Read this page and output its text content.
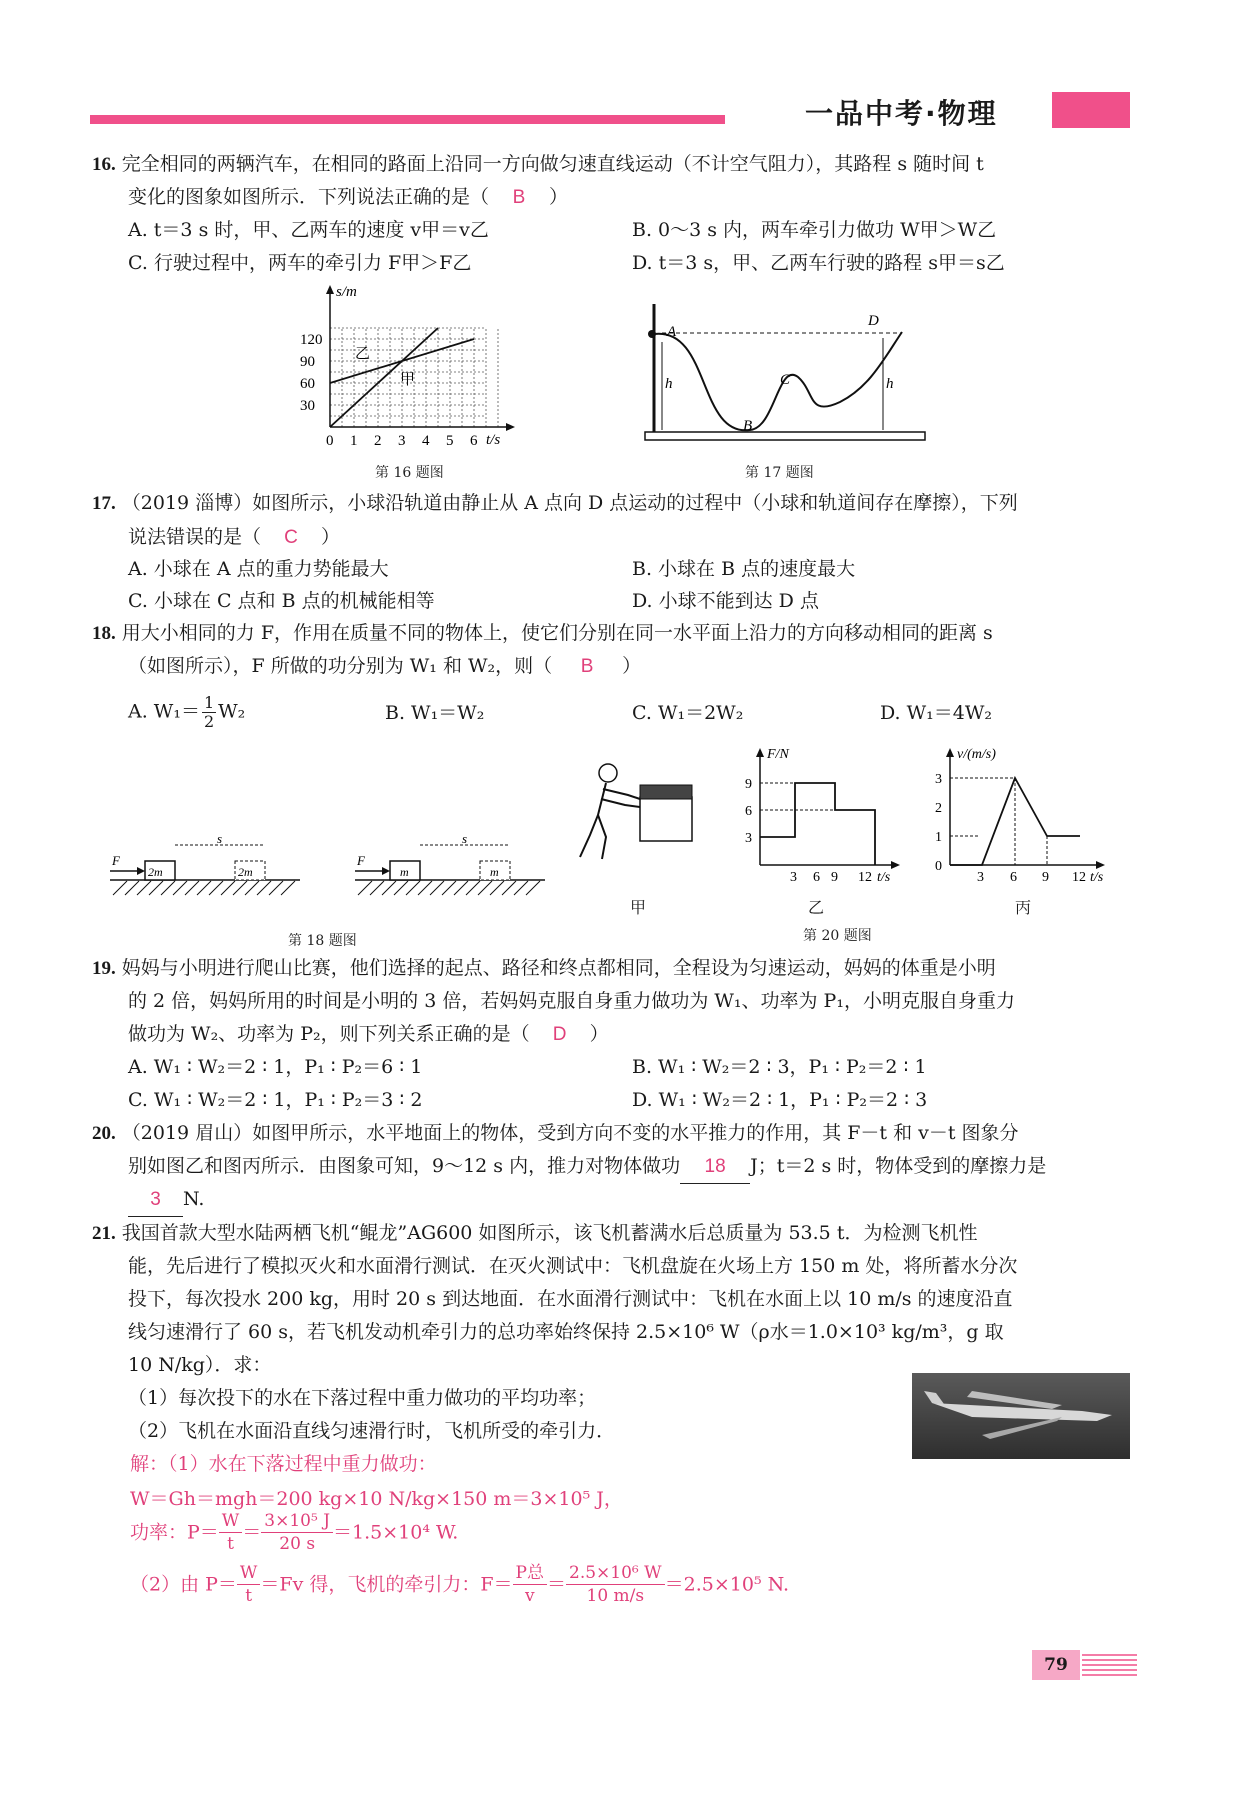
一品中考·物理
16. 完全相同的两辆汽车，在相同的路面上沿同一方向做匀速直线运动（不计空气阻力），其路程 s 随时间 t
变化的图象如图所示．下列说法正确的是（ B ）
A. t＝3 s 时，甲、乙两车的速度 v甲＝v乙	B. 0～3 s 内，两车牵引力做功 W甲＞W乙
C. 行驶过程中，两车的牵引力 F甲＞F乙	D. t＝3 s，甲、乙两车行驶的路程 s甲＝s乙
120
90
60
30
0 1 2 3 4 5 6
s/m
t/s
乙
甲
第 16 题图
A
B
C
D
h	h
第 17 题图
17. （2019 淄博）如图所示，小球沿轨道由静止从 A 点向 D 点运动的过程中（小球和轨道间存在摩擦），下列
说法错误的是（ C ）
A. 小球在 A 点的重力势能最大	B. 小球在 B 点的速度最大
C. 小球在 C 点和 B 点的机械能相等	D. 小球不能到达 D 点
18. 用大小相同的力 F，作用在质量不同的物体上，使它们分别在同一水平面上沿力的方向移动相同的距离 s
（如图所示），F 所做的功分别为 W₁ 和 W₂，则（ B ）
A. $W_1= \frac{1}{2} W_2$	B. W₁＝W₂	C. W₁＝2W₂	D. W₁＝4W₂
F
2m	2m
s
F
m	m
s
第 18 题图
甲
F/N
9
6
3
3 6 9 12 t/s
乙
v/(m/s)
3
2
1
0
3 6 9 12 t/s
丙
第 20 题图
19. 妈妈与小明进行爬山比赛，他们选择的起点、路径和终点都相同，全程设为匀速运动，妈妈的体重是小明
的 2 倍，妈妈所用的时间是小明的 3 倍，若妈妈克服自身重力做功为 W₁、功率为 P₁，小明克服自身重力
做功为 W₂、功率为 P₂，则下列关系正确的是（ D ）
A. W₁ ∶ W₂＝2 ∶ 1，P₁ ∶ P₂＝6 ∶ 1	B. W₁ ∶ W₂＝2 ∶ 3，P₁ ∶ P₂＝2 ∶ 1
C. W₁ ∶ W₂＝2 ∶ 1，P₁ ∶ P₂＝3 ∶ 2	D. W₁ ∶ W₂＝2 ∶ 1，P₁ ∶ P₂＝2 ∶ 3
20. （2019 眉山）如图甲所示，水平地面上的物体，受到方向不变的水平推力的作用，其 F－t 和 v－t 图象分
别如图乙和图丙所示．由图象可知，9～12 s 内，推力对物体做功 18 J；t＝2 s 时，物体受到的摩擦力是
3 N.
21. 我国首款大型水陆两栖飞机“鲲龙”AG600 如图所示，该飞机蓄满水后总质量为 53.5 t．为检测飞机性
能，先后进行了模拟灭火和水面滑行测试．在灭火测试中：飞机盘旋在火场上方 150 m 处，将所蓄水分次
投下，每次投水 200 kg，用时 20 s 到达地面．在水面滑行测试中：飞机在水面上以 10 m/s 的速度沿直
线匀速滑行了 60 s，若飞机发动机牵引力的总功率始终保持 2.5×10⁶ W（ρ水＝1.0×10³ kg/m³，g 取
10 N/kg）．求：
（1）每次投下的水在下落过程中重力做功的平均功率；
（2）飞机在水面沿直线匀速滑行时，飞机所受的牵引力．
解：（1）水在下落过程中重力做功：
W＝Gh＝mgh＝200 kg×10 N/kg×150 m＝3×10⁵ J，
功率：$P= \frac{W}{t} = \frac{\text{3×10⁵ J}}{20 s} =1.5\times 10^4$ W.
（2）由 $P= \frac{W}{t} =Fv$ 得，飞机的牵引力：F＝
P总
v
＝ $\frac{\text{2.5×10⁶ W}}{10 m/s} =2.5\times 10^5$ N.
79
